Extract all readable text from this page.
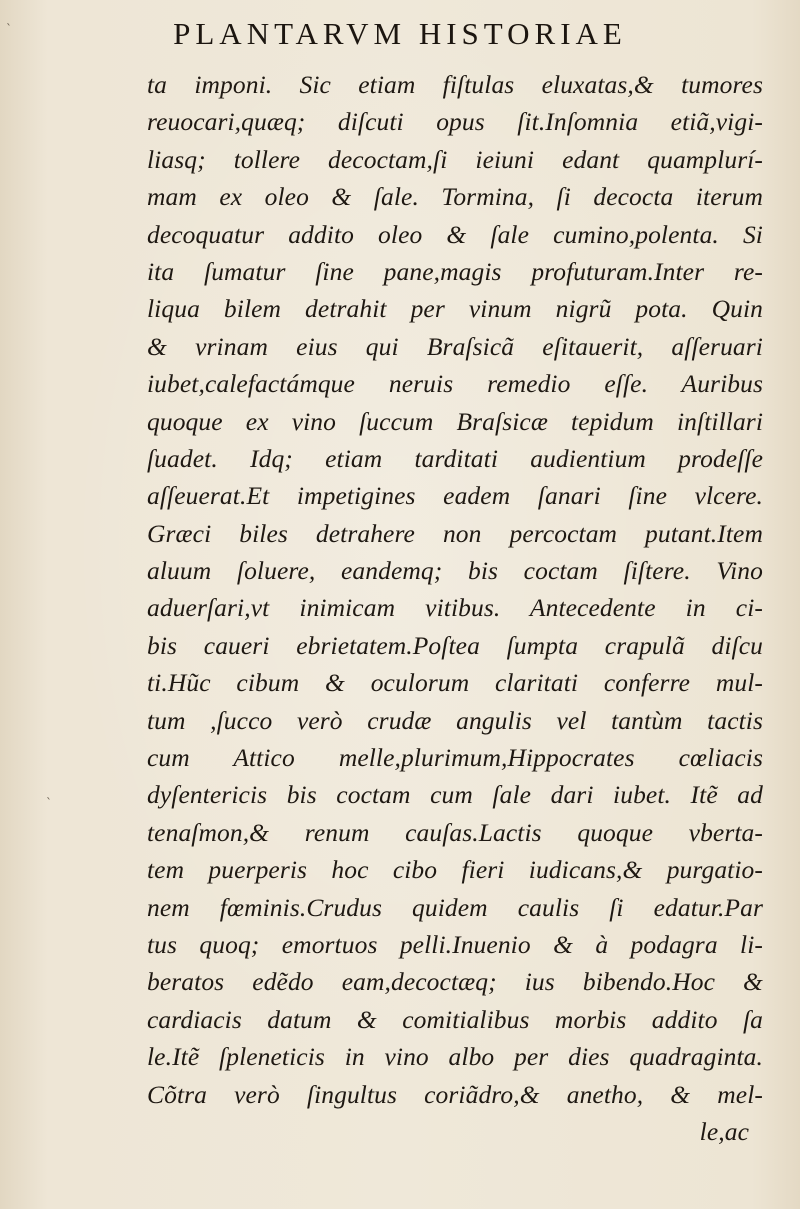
PLANTARVM HISTORIAE
ta imponi. Sic etiam fiſtulas eluxatas,& tumores
reuocari,quæq; diſcuti opus ſit.Inſomnia etiã,vigi-
liasq; tollere decoctam,ſi ieiuni edant quamplurí-
mam ex oleo & ſale. Tormina, ſi decocta iterum
decoquatur addito oleo & ſale cumino,polenta. Si
ita ſumatur ſine pane,magis profuturam.Inter re-
liqua bilem detrahit per vinum nigrũ pota. Quin
& vrinam eius qui Braſsicã eſitauerit, aſſeruari
iubet,calefactámque neruis remedio eſſe. Auribus
quoque ex vino ſuccum Braſsicæ tepidum inſtillari
ſuadet. Idq; etiam tarditati audientium prodeſſe
aſſeuerat.Et impetigines eadem ſanari ſine vlcere.
Græci biles detrahere non percoctam putant.Item
aluum ſoluere, eandemq; bis coctam ſiſtere. Vino
aduerſari,vt inimicam vitibus. Antecedente in ci-
bis caueri ebrietatem.Poſtea ſumpta crapulã diſcu
ti.Hũc cibum & oculorum claritati conferre mul-
tum ,ſucco verò crudæ angulis vel tantùm tactis
cum Attico melle,plurimum,Hippocrates cœliacis
dyſentericis bis coctam cum ſale dari iubet. Itẽ ad
tenaſmon,& renum cauſas.Lactis quoque vberta-
tem puerperis hoc cibo fieri iudicans,& purgatio-
nem fœminis.Crudus quidem caulis ſi edatur.Par
tus quoq; emortuos pelli.Inuenio & à podagra li-
beratos edẽdo eam,decoctæq; ius bibendo.Hoc &
cardiacis datum & comitialibus morbis addito ſa
le.Itẽ ſpleneticis in vino albo per dies quadraginta.
Cõtra verò ſingultus coriãdro,& anetho, & mel-
le,ac
ˋ
ˋ
